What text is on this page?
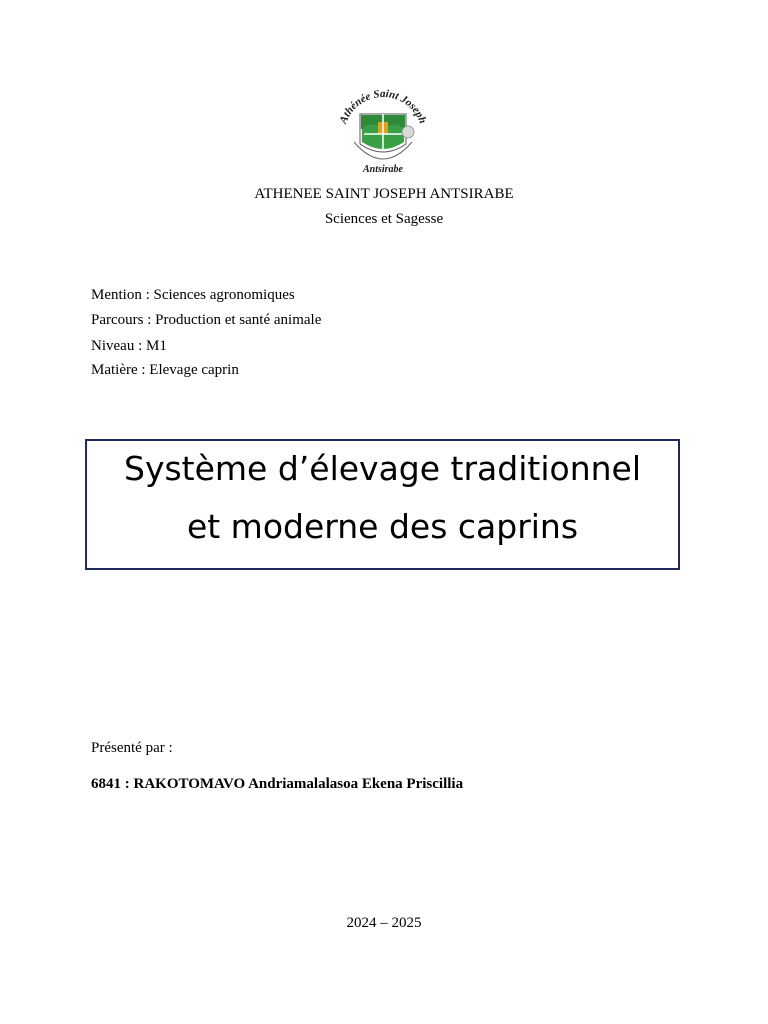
Athénée Saint Joseph
Antsirabe
ATHENEE SAINT JOSEPH ANTSIRABE
Sciences et Sagesse
Mention : Sciences agronomiques
Parcours : Production et santé animale
Niveau : M1
Matière : Elevage caprin
Système d’élevage traditionnel
et moderne des caprins
Présenté par :
6841 : RAKOTOMAVO Andriamalalasoa Ekena Priscillia
2024 – 2025
